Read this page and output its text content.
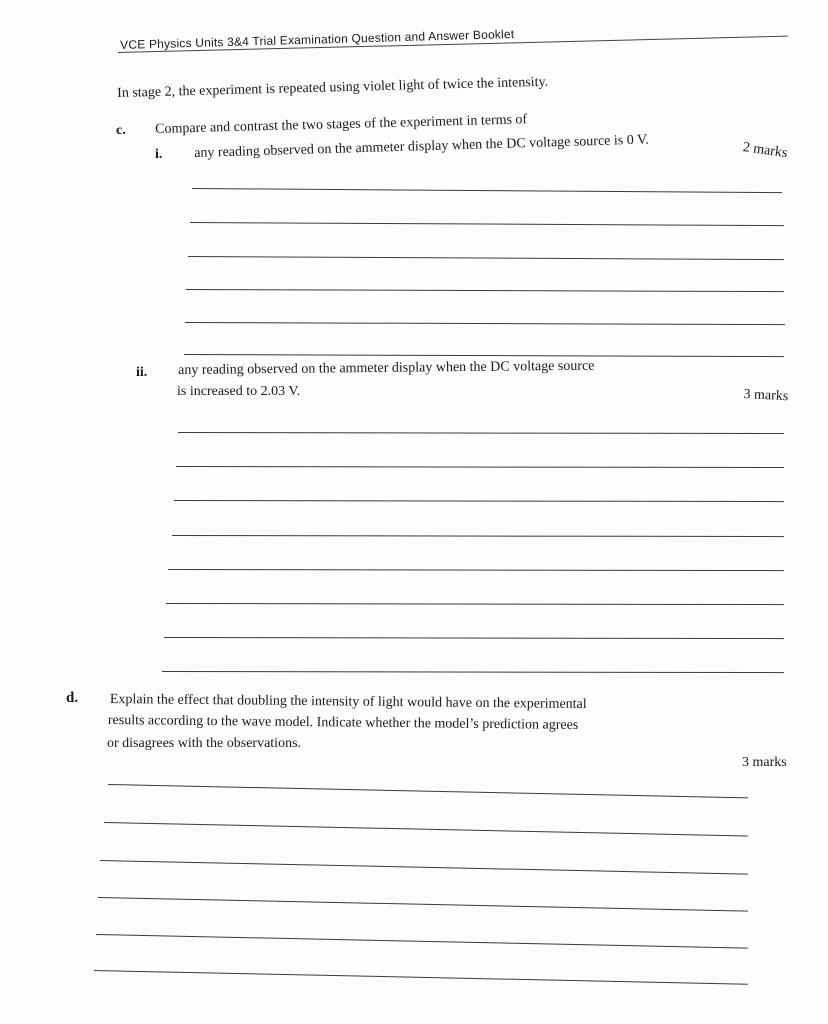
VCE Physics Units 3&4 Trial Examination Question and Answer Booklet
In stage 2, the experiment is repeated using violet light of twice the intensity.
c. Compare and contrast the two stages of the experiment in terms of
i. any reading observed on the ammeter display when the DC voltage source is 0 V.	2 marks
ii. any reading observed on the ammeter display when the DC voltage source
is increased to 2.03 V.	3 marks
d. Explain the effect that doubling the intensity of light would have on the experimental
results according to the wave model. Indicate whether the model’s prediction agrees
or disagrees with the observations.
3 marks
